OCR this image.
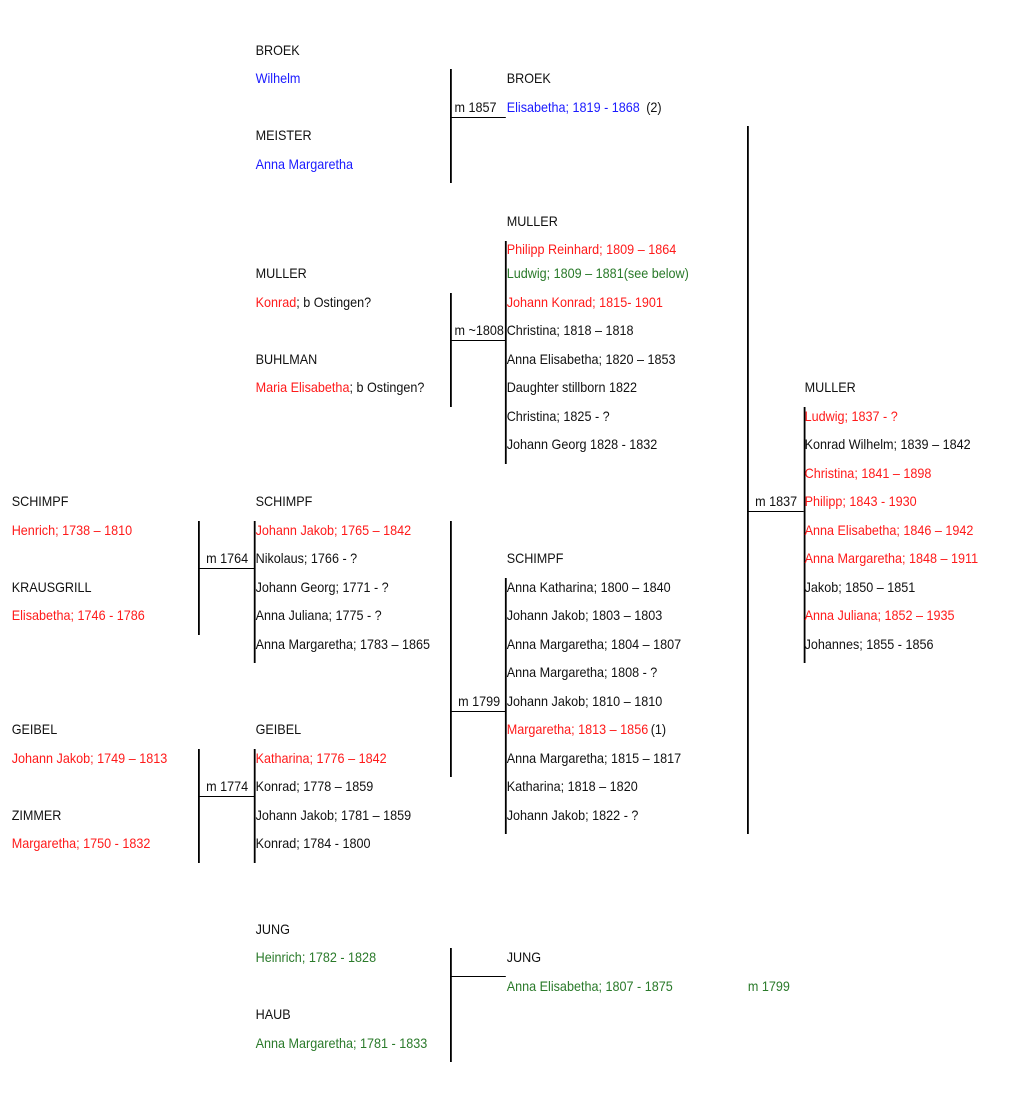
BROEK
Wilhelm
MEISTER
Anna Margaretha
m 1857
BROEK
Elisabetha; 1819 - 1868 (2)
MULLER
Konrad; b Ostingen?
BUHLMAN
Maria Elisabetha; b Ostingen?
m ~1808
MULLER
Philipp Reinhard; 1809 – 1864
Ludwig; 1809 – 1881(see below)
Johann Konrad; 1815- 1901
Christina; 1818 – 1818
Anna Elisabetha; 1820 – 1853
Daughter stillborn 1822
Christina; 1825 - ?
Johann Georg 1828 - 1832
SCHIMPF
Henrich; 1738 – 1810
KRAUSGRILL
Elisabetha; 1746 - 1786
m 1764
SCHIMPF
Johann Jakob; 1765 – 1842
Nikolaus; 1766 - ?
Johann Georg; 1771 - ?
Anna Juliana; 1775 - ?
Anna Margaretha; 1783 – 1865
GEIBEL
Johann Jakob; 1749 – 1813
ZIMMER
Margaretha; 1750 - 1832
m 1774
GEIBEL
Katharina; 1776 – 1842
Konrad; 1778 – 1859
Johann Jakob; 1781 – 1859
Konrad; 1784 - 1800
m 1799
SCHIMPF
Anna Katharina; 1800 – 1840
Johann Jakob; 1803 – 1803
Anna Margaretha; 1804 – 1807
Anna Margaretha; 1808 - ?
Johann Jakob; 1810 – 1810
Margaretha; 1813 – 1856 (1)
Anna Margaretha; 1815 – 1817
Katharina; 1818 – 1820
Johann Jakob; 1822 - ?
m 1837
MULLER
Ludwig; 1837 - ?
Konrad Wilhelm; 1839 – 1842
Christina; 1841 – 1898
Philipp; 1843 - 1930
Anna Elisabetha; 1846 – 1942
Anna Margaretha; 1848 – 1911
Jakob; 1850 – 1851
Anna Juliana; 1852 – 1935
Johannes; 1855 - 1856
JUNG
Heinrich; 1782 - 1828
HAUB
Anna Margaretha; 1781 - 1833
JUNG
Anna Elisabetha; 1807 - 1875	m 1799
